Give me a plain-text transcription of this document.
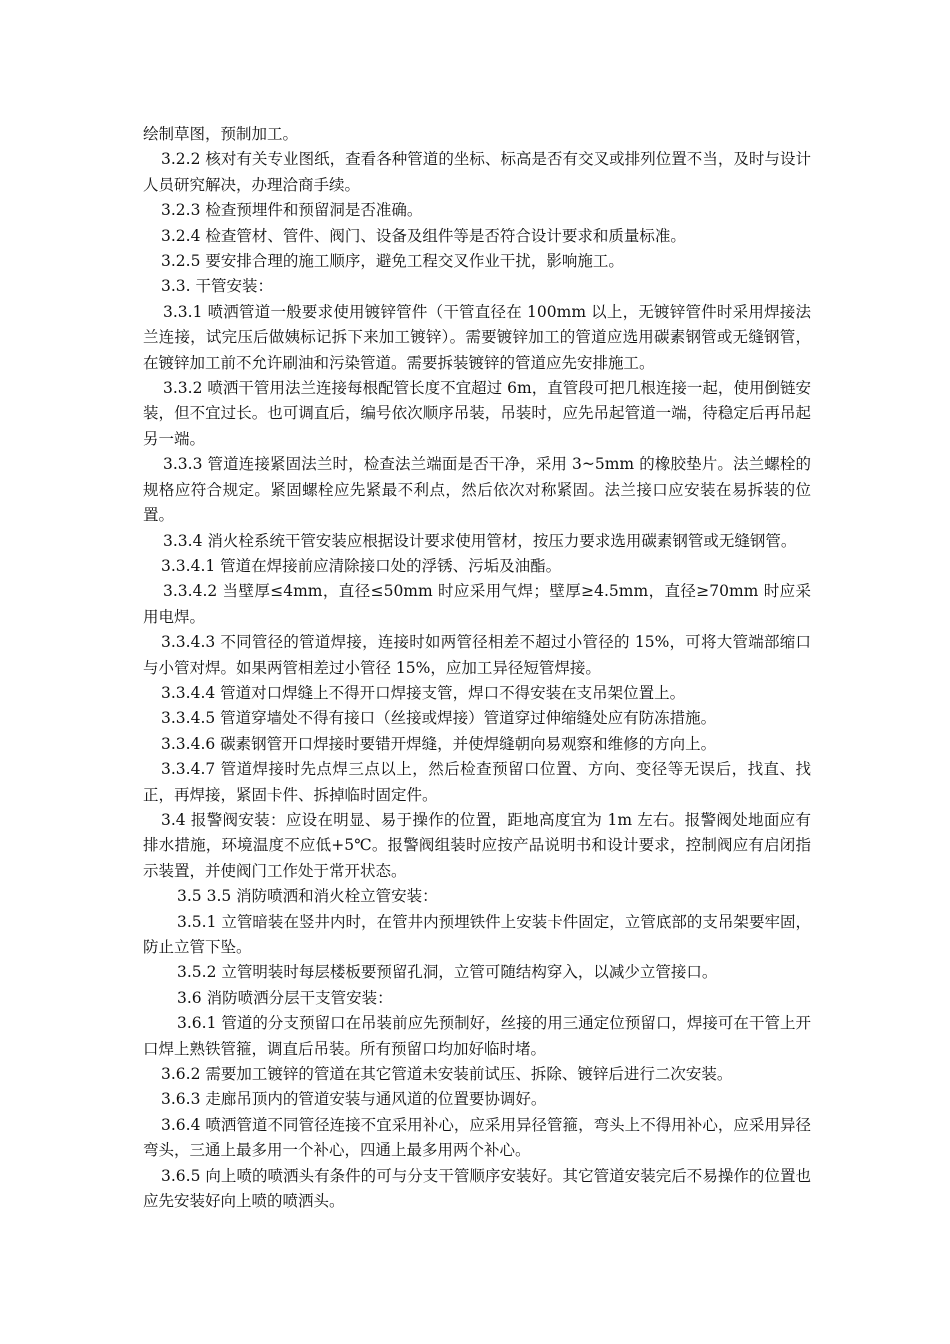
绘制草图，预制加工。

3.2.2 核对有关专业图纸，查看各种管道的坐标、标高是否有交叉或排列位置不当，及时与设计人员研究解决，办理洽商手续。

3.2.3 检查预埋件和预留洞是否准确。

3.2.4 检查管材、管件、阀门、设备及组件等是否符合设计要求和质量标准。

3.2.5 要安排合理的施工顺序，避免工程交叉作业干扰，影响施工。

3.3. 干管安装：

3.3.1 喷洒管道一般要求使用镀锌管件（干管直径在 100mm 以上，无镀锌管件时采用焊接法兰连接，试完压后做姨标记拆下来加工镀锌）。需要镀锌加工的管道应选用碳素钢管或无缝钢管，在镀锌加工前不允许刷油和污染管道。需要拆装镀锌的管道应先安排施工。

3.3.2 喷洒干管用法兰连接每根配管长度不宜超过 6m，直管段可把几根连接一起，使用倒链安装，但不宜过长。也可调直后，编号依次顺序吊装，吊装时，应先吊起管道一端，待稳定后再吊起另一端。

3.3.3 管道连接紧固法兰时，检查法兰端面是否干净，采用 3~5mm 的橡胶垫片。法兰螺栓的规格应符合规定。紧固螺栓应先紧最不利点，然后依次对称紧固。法兰接口应安装在易拆装的位置。

3.3.4 消火栓系统干管安装应根据设计要求使用管材，按压力要求选用碳素钢管或无缝钢管。

3.3.4.1 管道在焊接前应清除接口处的浮锈、污垢及油酯。

3.3.4.2 当壁厚≤4mm，直径≤50mm 时应采用气焊；壁厚≥4.5mm，直径≥70mm 时应采用电焊。

3.3.4.3 不同管径的管道焊接，连接时如两管径相差不超过小管径的 15%，可将大管端部缩口与小管对焊。如果两管相差过小管径 15%，应加工异径短管焊接。

3.3.4.4 管道对口焊缝上不得开口焊接支管，焊口不得安装在支吊架位置上。

3.3.4.5 管道穿墙处不得有接口（丝接或焊接）管道穿过伸缩缝处应有防冻措施。

3.3.4.6 碳素钢管开口焊接时要错开焊缝，并使焊缝朝向易观察和维修的方向上。

3.3.4.7 管道焊接时先点焊三点以上，然后检查预留口位置、方向、变径等无误后，找直、找正，再焊接，紧固卡件、拆掉临时固定件。

3.4 报警阀安装：应设在明显、易于操作的位置，距地高度宜为 1m 左右。报警阀处地面应有排水措施，环境温度不应低+5℃。报警阀组装时应按产品说明书和设计要求，控制阀应有启闭指示装置，并使阀门工作处于常开状态。

3.5 3.5 消防喷洒和消火栓立管安装：

3.5.1 立管暗装在竖井内时，在管井内预埋铁件上安装卡件固定，立管底部的支吊架要牢固，防止立管下坠。

3.5.2 立管明装时每层楼板要预留孔洞，立管可随结构穿入，以减少立管接口。

3.6 消防喷洒分层干支管安装：

3.6.1 管道的分支预留口在吊装前应先预制好，丝接的用三通定位预留口，焊接可在干管上开口焊上熟铁管箍，调直后吊装。所有预留口均加好临时堵。

3.6.2 需要加工镀锌的管道在其它管道未安装前试压、拆除、镀锌后进行二次安装。

3.6.3 走廊吊顶内的管道安装与通风道的位置要协调好。

3.6.4 喷洒管道不同管径连接不宜采用补心，应采用异径管箍，弯头上不得用补心，应采用异径弯头，三通上最多用一个补心，四通上最多用两个补心。

3.6.5 向上喷的喷洒头有条件的可与分支干管顺序安装好。其它管道安装完后不易操作的位置也应先安装好向上喷的喷洒头。
